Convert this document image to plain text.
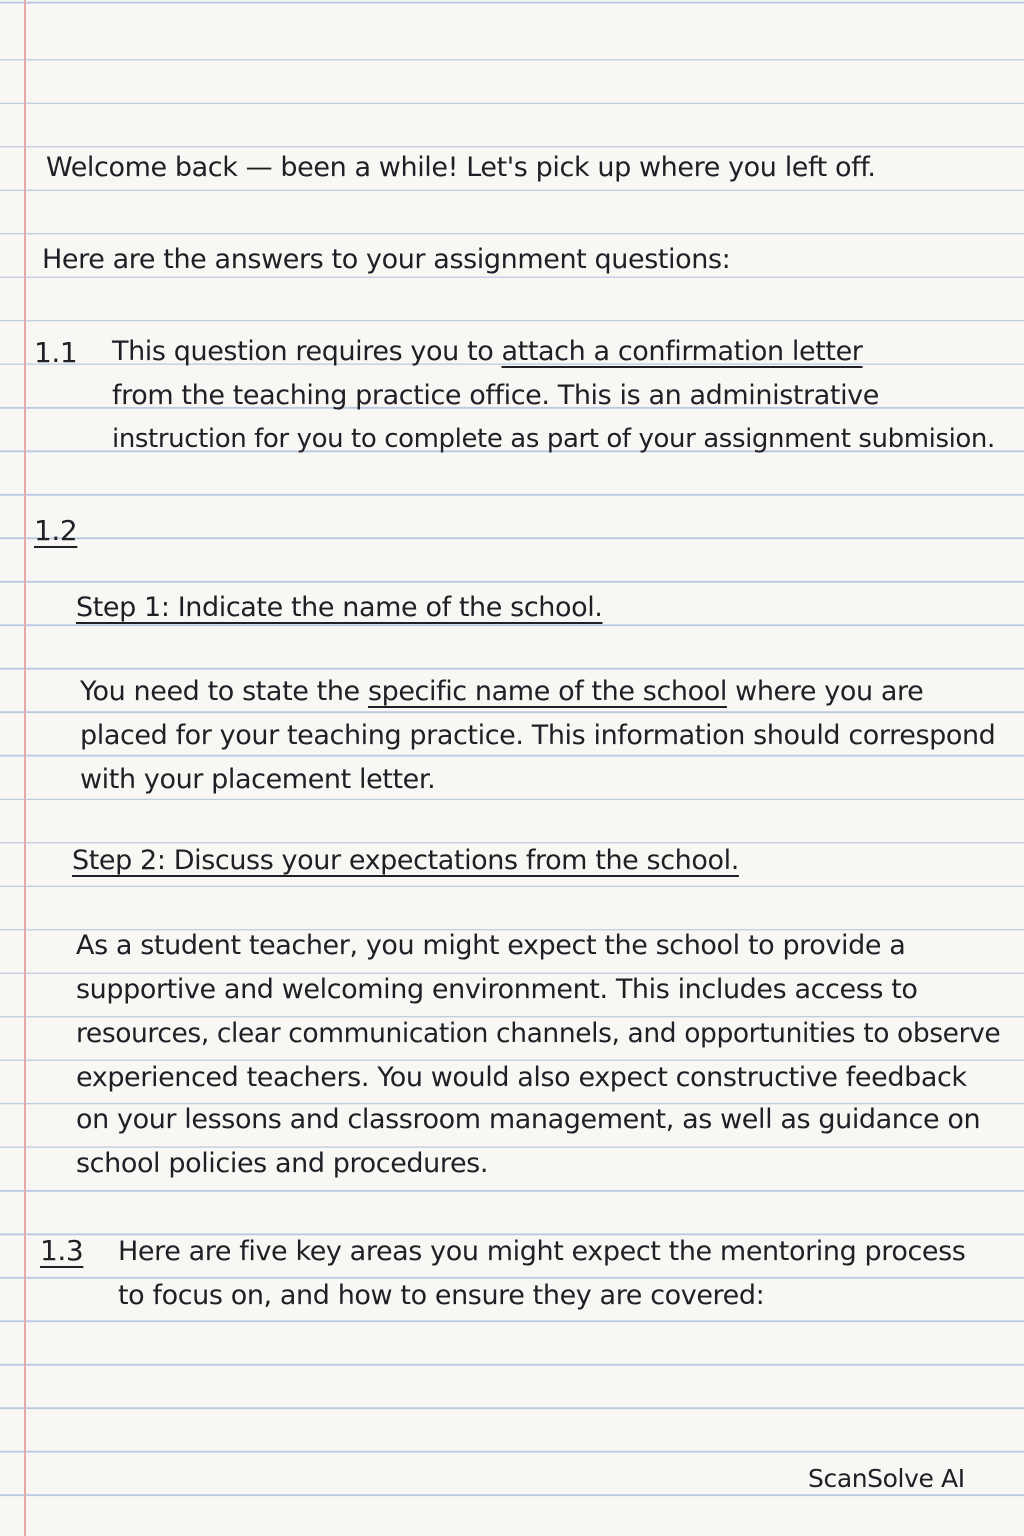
Welcome back — been a while! Let's pick up where you left off.
Here are the answers to your assignment questions:
1.1 This question requires you to attach a confirmation letter
from the teaching practice office. This is an administrative
instruction for you to complete as part of your assignment submision.
1.2
Step 1: Indicate the name of the school.
You need to state the specific name of the school where you are
placed for your teaching practice. This information should correspond
with your placement letter.
Step 2: Discuss your expectations from the school.
As a student teacher, you might expect the school to provide a
supportive and welcoming environment. This includes access to
resources, clear communication channels, and opportunities to observe
experienced teachers. You would also expect constructive feedback
on your lessons and classroom management, as well as guidance on
school policies and procedures.
1.3 Here are five key areas you might expect the mentoring process
to focus on, and how to ensure they are covered:
ScanSolve AI
